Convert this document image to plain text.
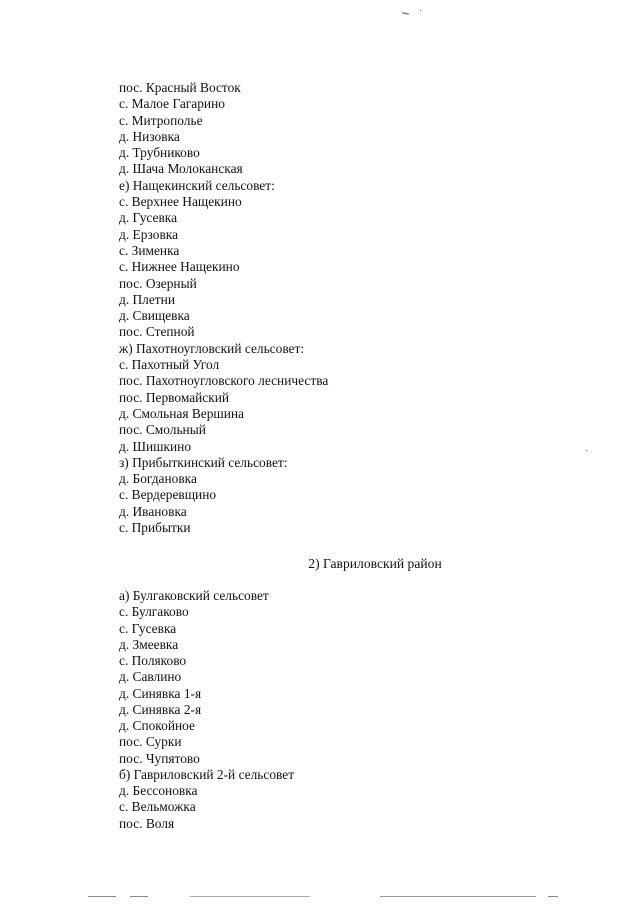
пос. Красный Восток
с. Малое Гагарино
с. Митрополье
д. Низовка
д. Трубниково
д. Шача Молоканская
е) Нащекинский сельсовет:
с. Верхнее Нащекино
д. Гусевка
д. Ерзовка
с. Зименка
с. Нижнее Нащекино
пос. Озерный
д. Плетни
д. Свищевка
пос. Степной
ж) Пахотноугловский сельсовет:
с. Пахотный Угол
пос. Пахотноугловского лесничества
пос. Первомайский
д. Смольная Вершина
пос. Смольный
д. Шишкино
з) Прибыткинский сельсовет:
д. Богдановка
с. Вердеревщино
д. Ивановка
с. Прибытки
2) Гавриловский район
а) Булгаковский сельсовет
с. Булгаково
с. Гусевка
д. Змеевка
с. Поляково
д. Савлино
д. Синявка 1-я
д. Синявка 2-я
д. Спокойное
пос. Сурки
пос. Чупятово
б) Гавриловский 2-й сельсовет
д. Бессоновка
с. Вельможка
пос. Воля
